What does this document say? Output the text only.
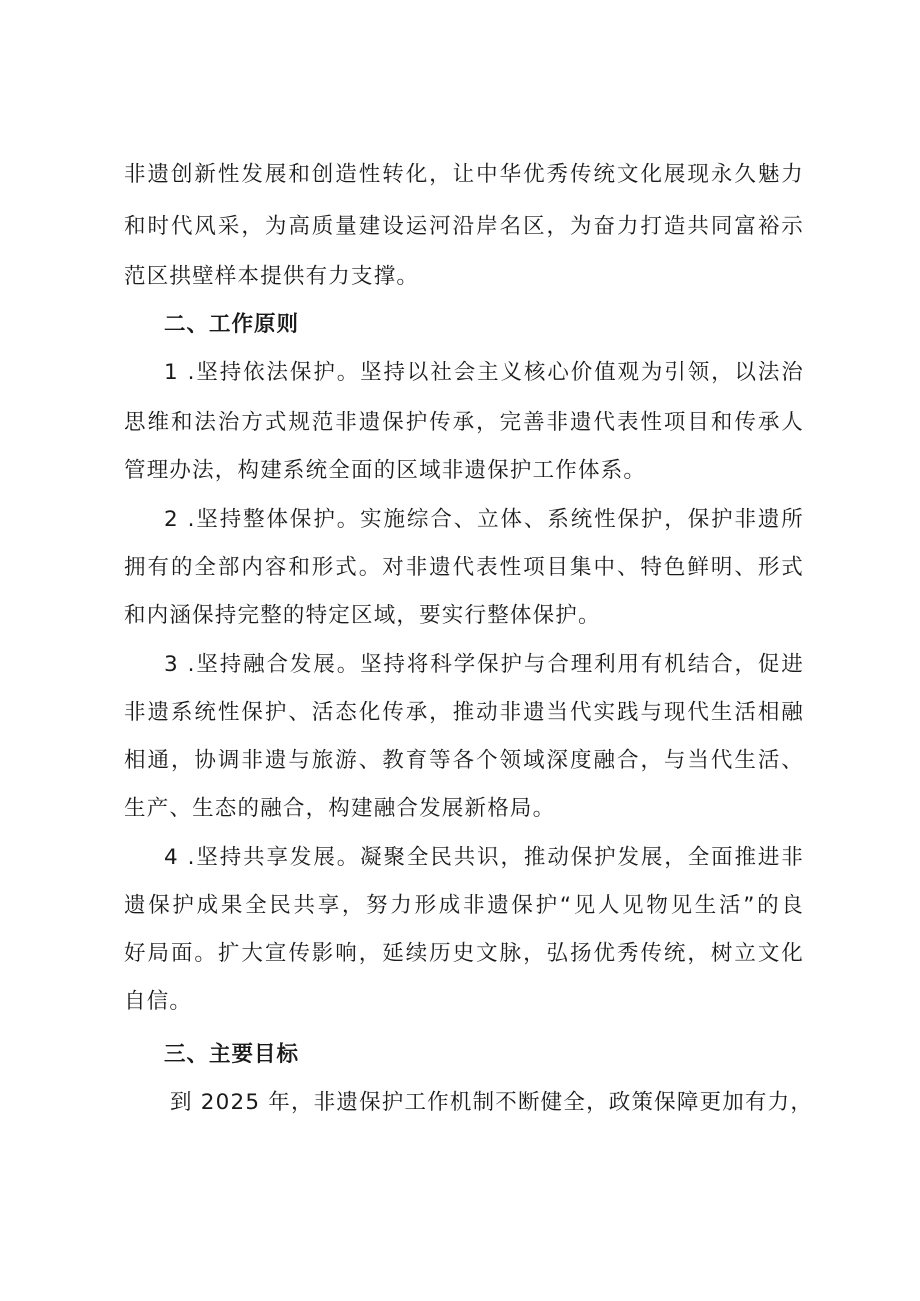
非遗创新性发展和创造性转化，让中华优秀传统文化展现永久魅力
和时代风采，为高质量建设运河沿岸名区，为奋力打造共同富裕示
范区拱壁样本提供有力支撑。
二、工作原则
1 .坚持依法保护。坚持以社会主义核心价值观为引领，以法治
思维和法治方式规范非遗保护传承，完善非遗代表性项目和传承人
管理办法，构建系统全面的区域非遗保护工作体系。
2 .坚持整体保护。实施综合、立体、系统性保护，保护非遗所
拥有的全部内容和形式。对非遗代表性项目集中、特色鲜明、形式
和内涵保持完整的特定区域，要实行整体保护。
3 .坚持融合发展。坚持将科学保护与合理利用有机结合，促进
非遗系统性保护、活态化传承，推动非遗当代实践与现代生活相融
相通，协调非遗与旅游、教育等各个领域深度融合，与当代生活、
生产、生态的融合，构建融合发展新格局。
4 .坚持共享发展。凝聚全民共识，推动保护发展，全面推进非
遗保护成果全民共享，努力形成非遗保护“见人见物见生活”的良
好局面。扩大宣传影响，延续历史文脉，弘扬优秀传统，树立文化
自信。
三、主要目标
到 2025 年，非遗保护工作机制不断健全，政策保障更加有力，
